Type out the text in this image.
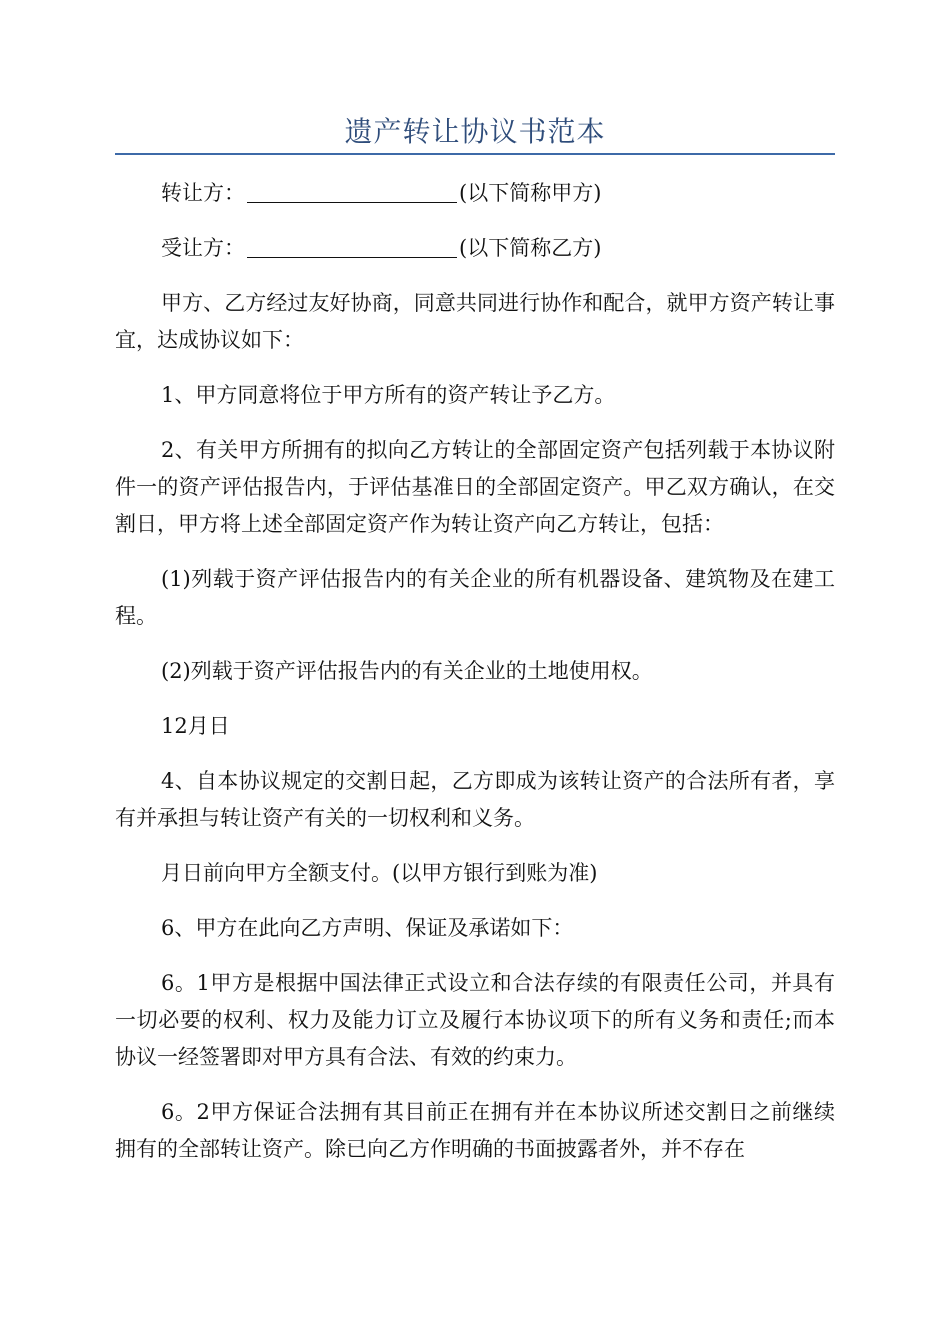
遗产转让协议书范本

转让方：	(以下简称甲方)

受让方：	(以下简称乙方)

甲方、乙方经过友好协商，同意共同进行协作和配合，就甲方资产转让事宜，达成协议如下：

1、甲方同意将位于甲方所有的资产转让予乙方。

2、有关甲方所拥有的拟向乙方转让的全部固定资产包括列载于本协议附件一的资产评估报告内，于评估基准日的全部固定资产。甲乙双方确认，在交割日，甲方将上述全部固定资产作为转让资产向乙方转让，包括：

(1)列载于资产评估报告内的有关企业的所有机器设备、建筑物及在建工程。

(2)列载于资产评估报告内的有关企业的土地使用权。

12月日

4、自本协议规定的交割日起，乙方即成为该转让资产的合法所有者，享有并承担与转让资产有关的一切权利和义务。

月日前向甲方全额支付。(以甲方银行到账为准)

6、甲方在此向乙方声明、保证及承诺如下：

6。1甲方是根据中国法律正式设立和合法存续的有限责任公司，并具有一切必要的权利、权力及能力订立及履行本协议项下的所有义务和责任;而本协议一经签署即对甲方具有合法、有效的约束力。

6。2甲方保证合法拥有其目前正在拥有并在本协议所述交割日之前继续拥有的全部转让资产。除已向乙方作明确的书面披露者外，并不存在
